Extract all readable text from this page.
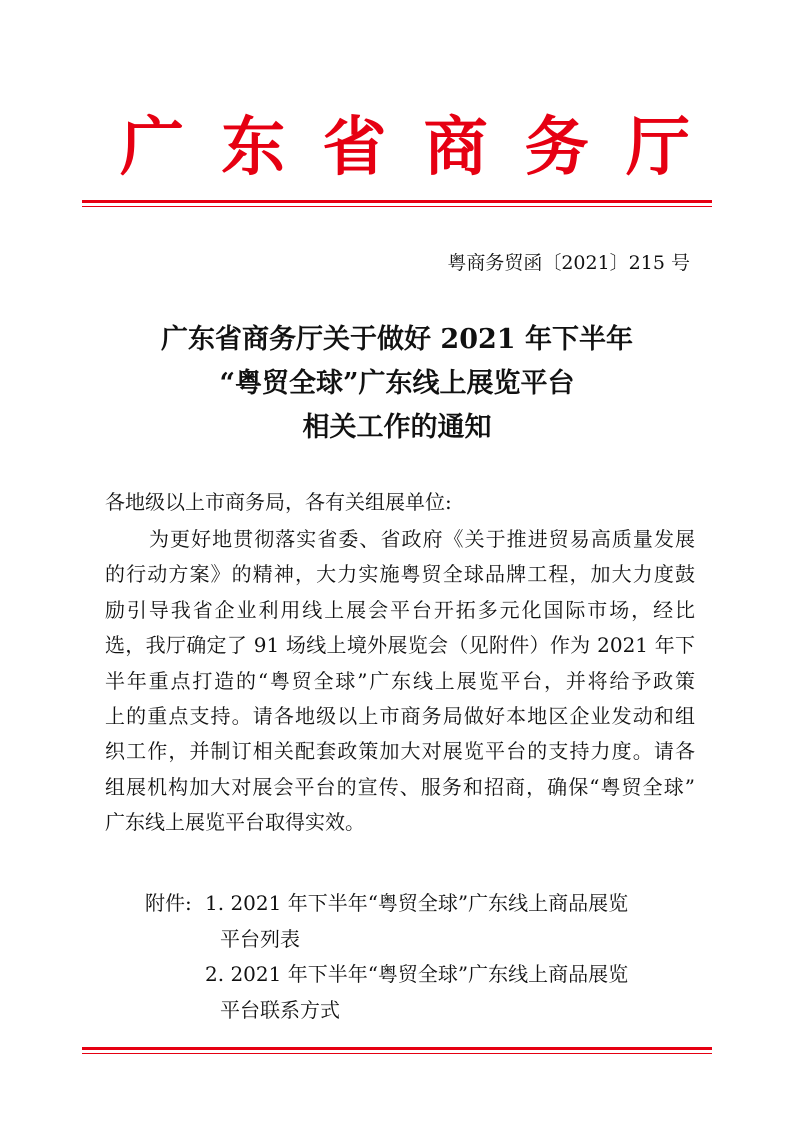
广 东 省 商 务 厅
粤商务贸函〔2021〕215 号
广东省商务厅关于做好 2021 年下半年
“粤贸全球”广东线上展览平台
相关工作的通知
各地级以上市商务局，各有关组展单位:
为更好地贯彻落实省委、省政府《关于推进贸易高质量发展
的行动方案》的精神，大力实施粤贸全球品牌工程，加大力度鼓
励引导我省企业利用线上展会平台开拓多元化国际市场，经比
选，我厅确定了 91 场线上境外展览会（见附件）作为 2021 年下
半年重点打造的“粤贸全球”广东线上展览平台，并将给予政策
上的重点支持。请各地级以上市商务局做好本地区企业发动和组
织工作，并制订相关配套政策加大对展览平台的支持力度。请各
组展机构加大对展会平台的宣传、服务和招商，确保“粤贸全球”
广东线上展览平台取得实效。
附件: 1. 2021 年下半年“粤贸全球”广东线上商品展览
平台列表
2. 2021 年下半年“粤贸全球”广东线上商品展览
平台联系方式
